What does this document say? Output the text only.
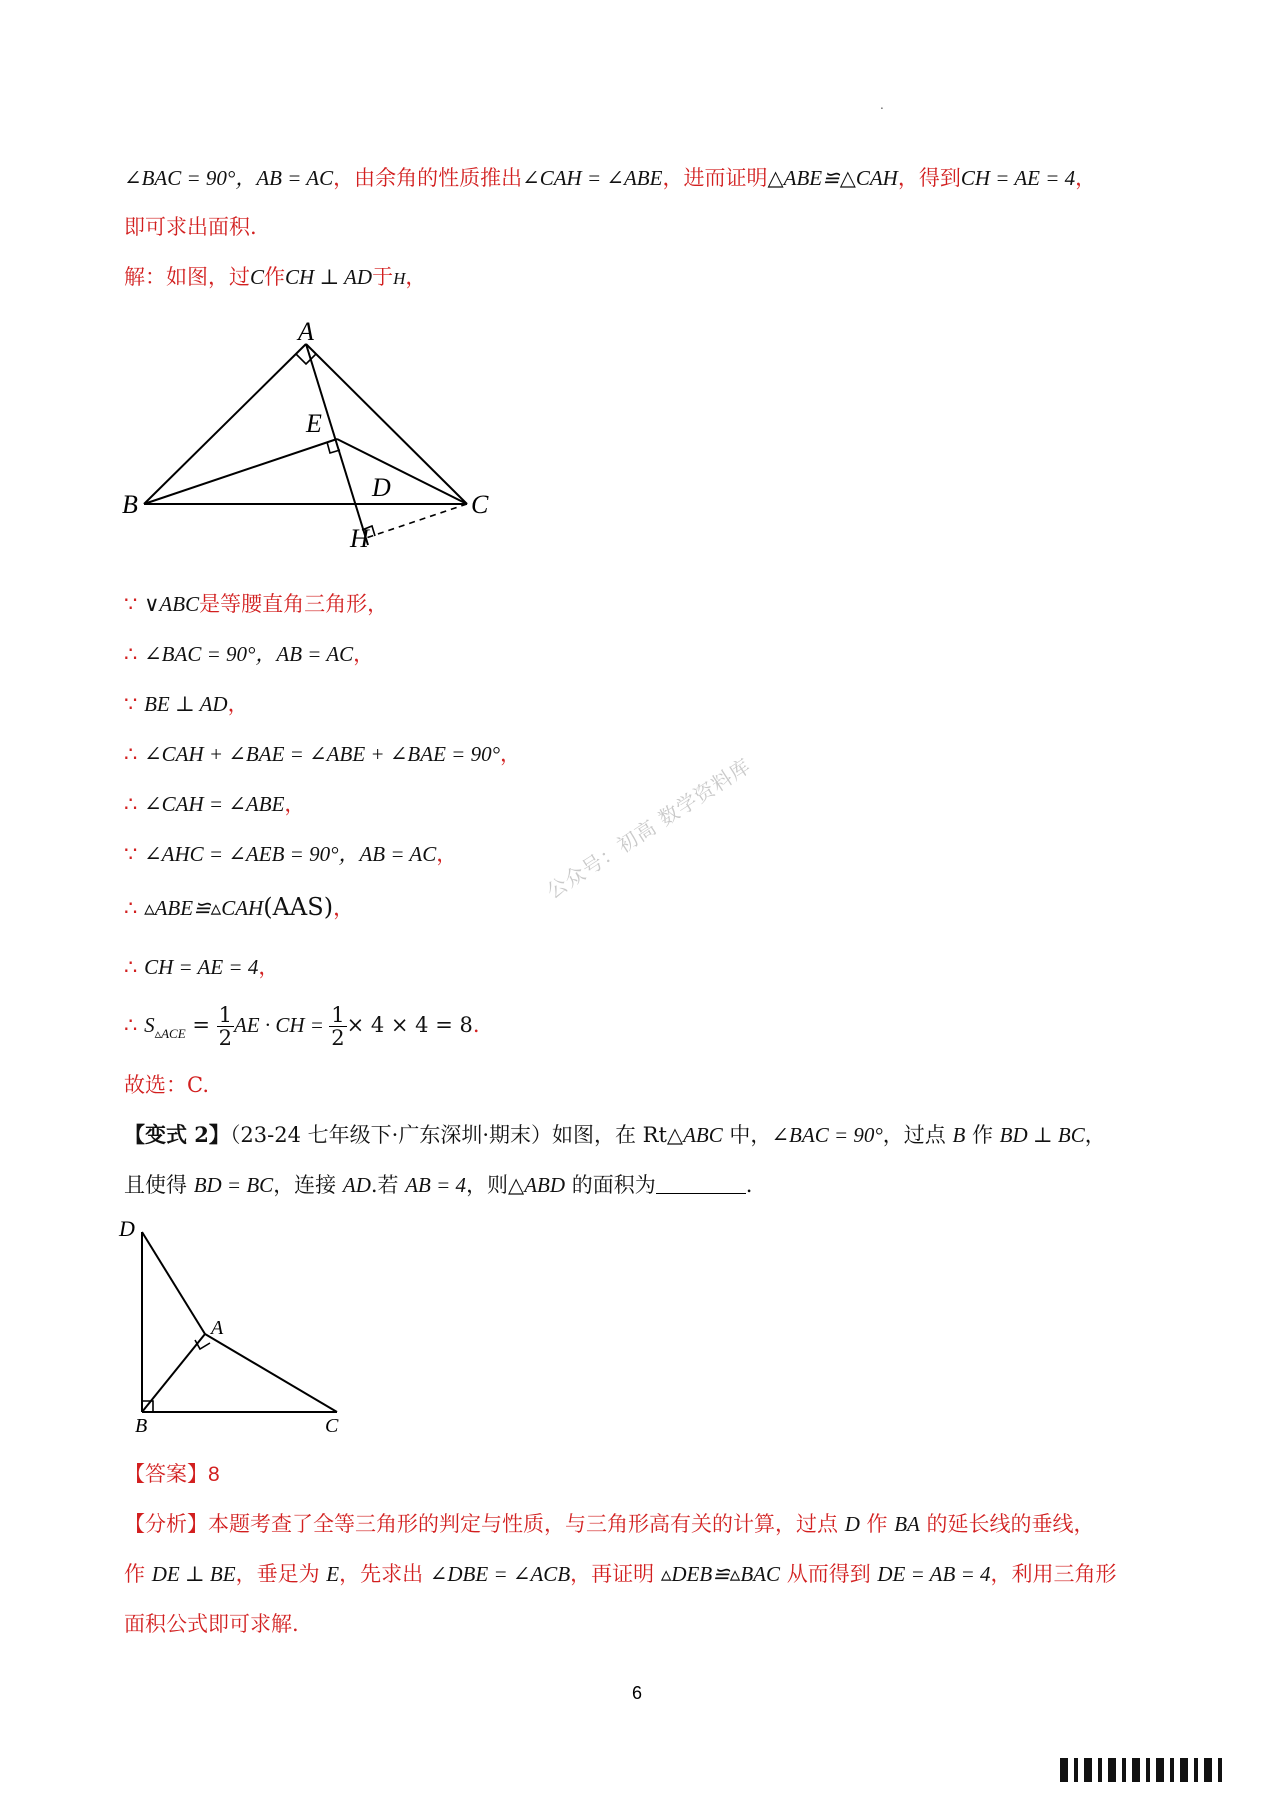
.
∠BAC = 90°，AB = AC，由余角的性质推出∠CAH = ∠ABE，进而证明△ABE≌△CAH，得到CH = AE = 4，
即可求出面积.
解：如图，过C作CH ⊥ AD于H，
A
B	C
D
E
H
∵ ∨ABC是等腰直角三角形，
∴ ∠BAC = 90°，AB = AC，
∵ BE ⊥ AD，
∴ ∠CAH + ∠BAE = ∠ABE + ∠BAE = 90°，
∴ ∠CAH = ∠ABE，
∵ ∠AHC = ∠AEB = 90°，AB = AC，
∴ ▵ABE≌▵CAH(AAS)，
∴ CH = AE = 4，
∴ $S_{▵ACE} = \frac{1}{2}$ AE · CH = $\frac{1}{2} \times 4 \times 4 = 8$.
故选：C.
【变式 2】（23-24 七年级下·广东深圳·期末）如图，在 Rt△ABC 中，∠BAC = 90°，过点 B 作 BD ⊥ BC，
且使得 BD = BC，连接 AD.若 AB = 4，则△ABD 的面积为	.
D
A
B	C
【答案】8
【分析】本题考查了全等三角形的判定与性质，与三角形高有关的计算，过点 D 作 BA 的延长线的垂线，
作 DE ⊥ BE，垂足为 E，先求出 ∠DBE = ∠ACB，再证明 ▵DEB≌▵BAC 从而得到 DE = AB = 4，利用三角形
面积公式即可求解.
公众号：初高 数学资料库
6
